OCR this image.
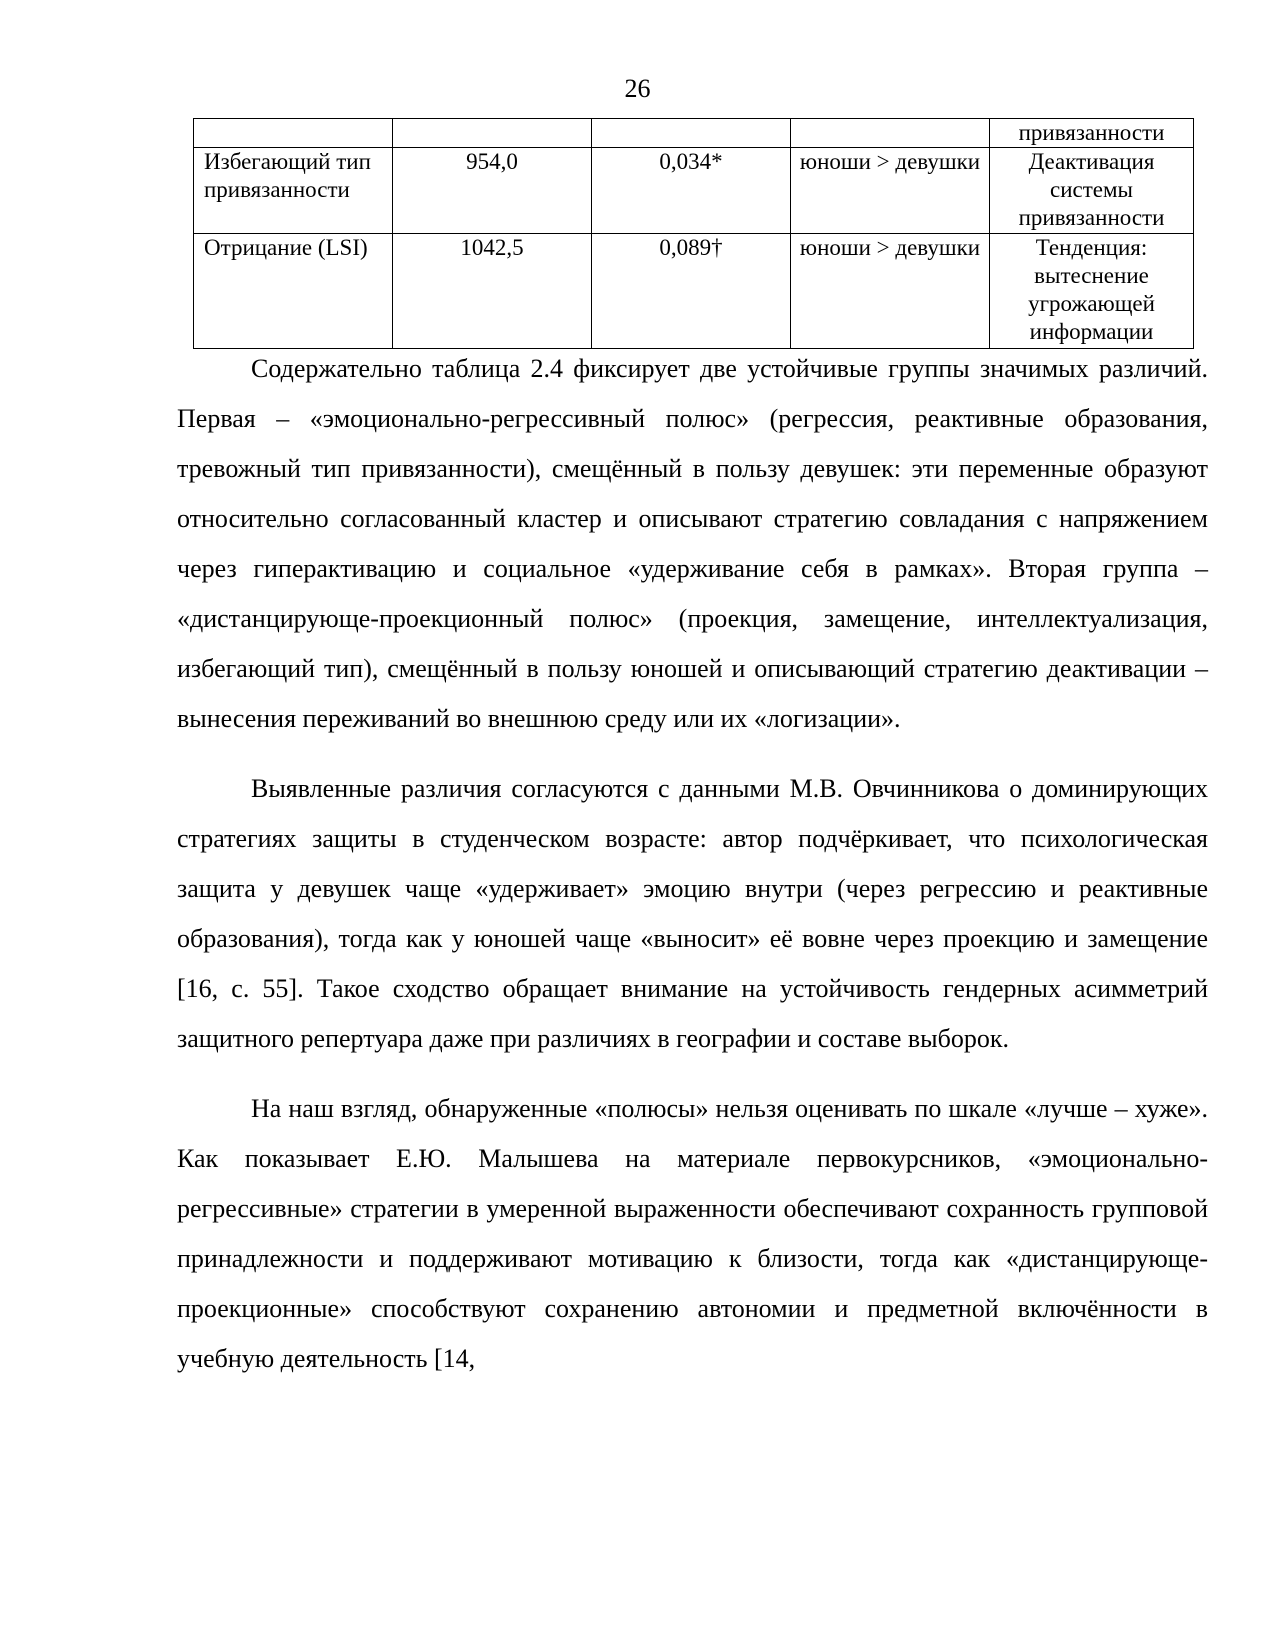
26
				привязанности
Избегающий тип привязанности	954,0	0,034*	юноши > девушки	Деактивация системы привязанности
Отрицание (LSI)	1042,5	0,089†	юноши > девушки	Тенденция: вытеснение угрожающей информации

Содержательно таблица 2.4 фиксирует две устойчивые группы значимых различий. Первая – «эмоционально-регрессивный полюс» (регрессия, реактивные образования, тревожный тип привязанности), смещённый в пользу девушек: эти переменные образуют относительно согласованный кластер и описывают стратегию совладания с напряжением через гиперактивацию и социальное «удерживание себя в рамках». Вторая группа – «дистанцирующе-проекционный полюс» (проекция, замещение, интеллектуализация, избегающий тип), смещённый в пользу юношей и описывающий стратегию деактивации – вынесения переживаний во внешнюю среду или их «логизации».

Выявленные различия согласуются с данными М.В. Овчинникова о доминирующих стратегиях защиты в студенческом возрасте: автор подчёркивает, что психологическая защита у девушек чаще «удерживает» эмоцию внутри (через регрессию и реактивные образования), тогда как у юношей чаще «выносит» её вовне через проекцию и замещение [16, с. 55]. Такое сходство обращает внимание на устойчивость гендерных асимметрий защитного репертуара даже при различиях в географии и составе выборок.

На наш взгляд, обнаруженные «полюсы» нельзя оценивать по шкале «лучше – хуже». Как показывает Е.Ю. Малышева на материале первокурсников, «эмоционально-регрессивные» стратегии в умеренной выраженности обеспечивают сохранность групповой принадлежности и поддерживают мотивацию к близости, тогда как «дистанцирующе-проекционные» способствуют сохранению автономии и предметной включённости в учебную деятельность [14,
